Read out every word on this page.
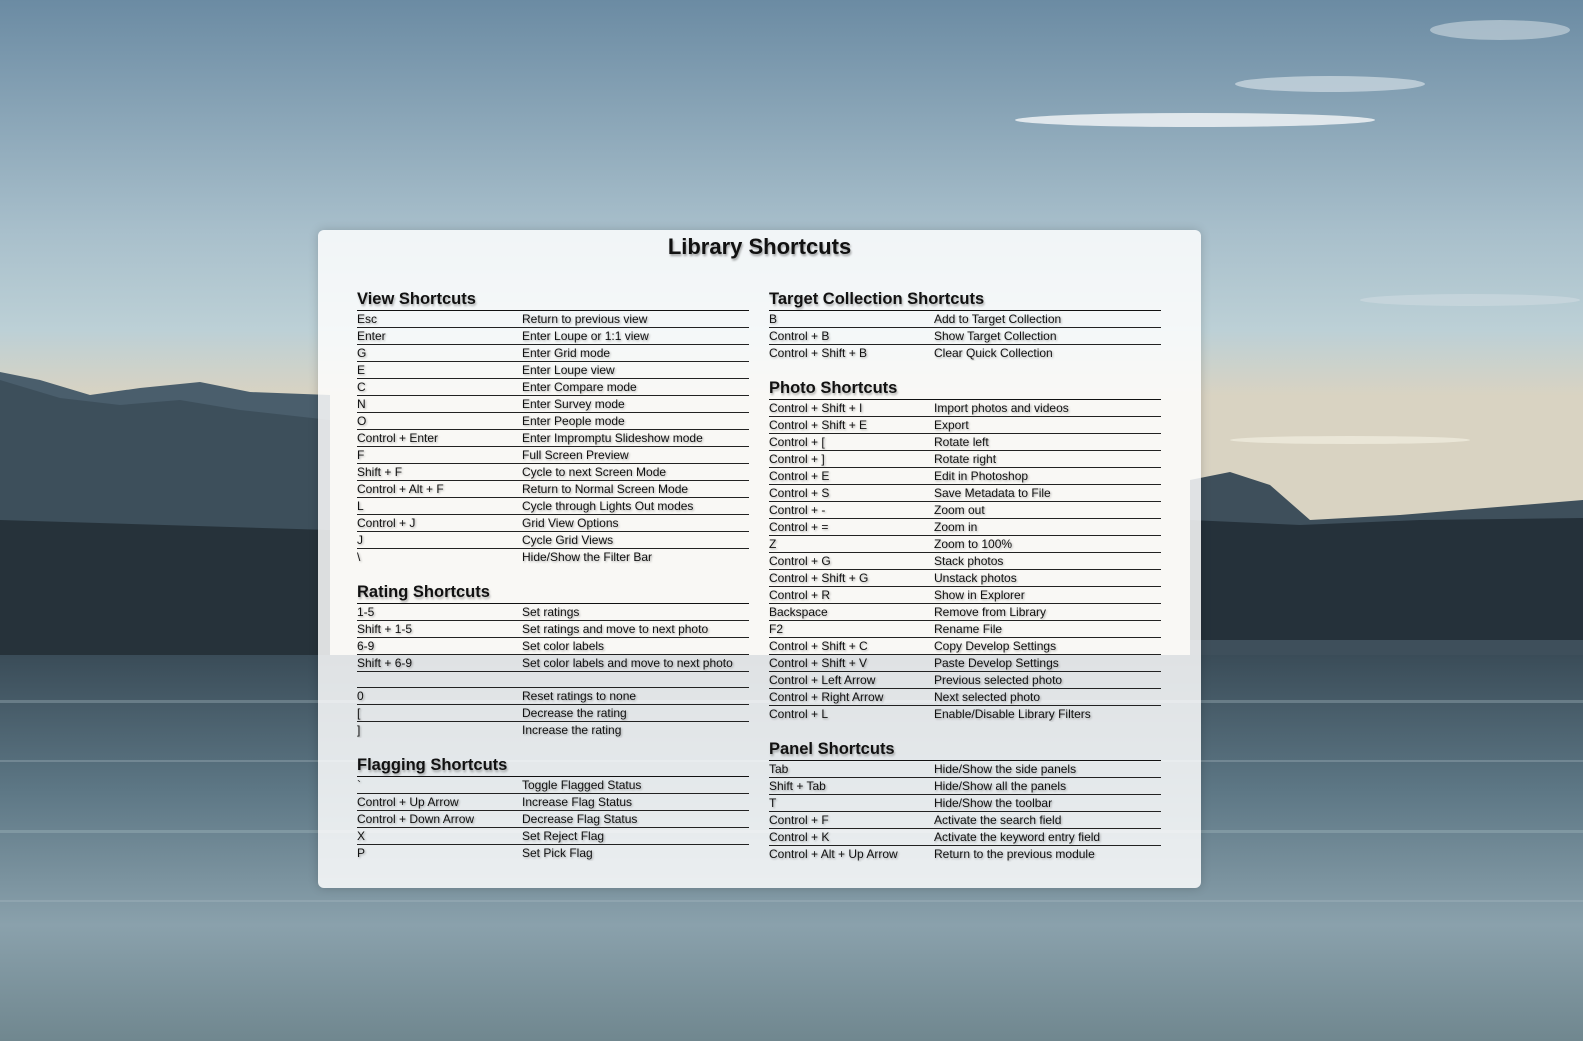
Library Shortcuts
View Shortcuts
Esc	Return to previous view
Enter	Enter Loupe or 1:1 view
G	Enter Grid mode
E	Enter Loupe view
C	Enter Compare mode
N	Enter Survey mode
O	Enter People mode
Control + Enter	Enter Impromptu Slideshow mode
F	Full Screen Preview
Shift + F	Cycle to next Screen Mode
Control + Alt + F	Return to Normal Screen Mode
L	Cycle through Lights Out modes
Control + J	Grid View Options
J	Cycle Grid Views
\	Hide/Show the Filter Bar
Rating Shortcuts
1-5	Set ratings
Shift + 1-5	Set ratings and move to next photo
6-9	Set color labels
Shift + 6-9	Set color labels and move to next photo
0	Reset ratings to none
[	Decrease the rating
]	Increase the rating
Flagging Shortcuts
`	Toggle Flagged Status
Control + Up Arrow	Increase Flag Status
Control + Down Arrow	Decrease Flag Status
X	Set Reject Flag
P	Set Pick Flag
Target Collection Shortcuts
B	Add to Target Collection
Control + B	Show Target Collection
Control + Shift + B	Clear Quick Collection
Photo Shortcuts
Control + Shift + I	Import photos and videos
Control + Shift + E	Export
Control + [	Rotate left
Control + ]	Rotate right
Control + E	Edit in Photoshop
Control + S	Save Metadata to File
Control + -	Zoom out
Control + =	Zoom in
Z	Zoom to 100%
Control + G	Stack photos
Control + Shift + G	Unstack photos
Control + R	Show in Explorer
Backspace	Remove from Library
F2	Rename File
Control + Shift + C	Copy Develop Settings
Control + Shift + V	Paste Develop Settings
Control + Left Arrow	Previous selected photo
Control + Right Arrow	Next selected photo
Control + L	Enable/Disable Library Filters
Panel Shortcuts
Tab	Hide/Show the side panels
Shift + Tab	Hide/Show all the panels
T	Hide/Show the toolbar
Control + F	Activate the search field
Control + K	Activate the keyword entry field
Control + Alt + Up Arrow	Return to the previous module
